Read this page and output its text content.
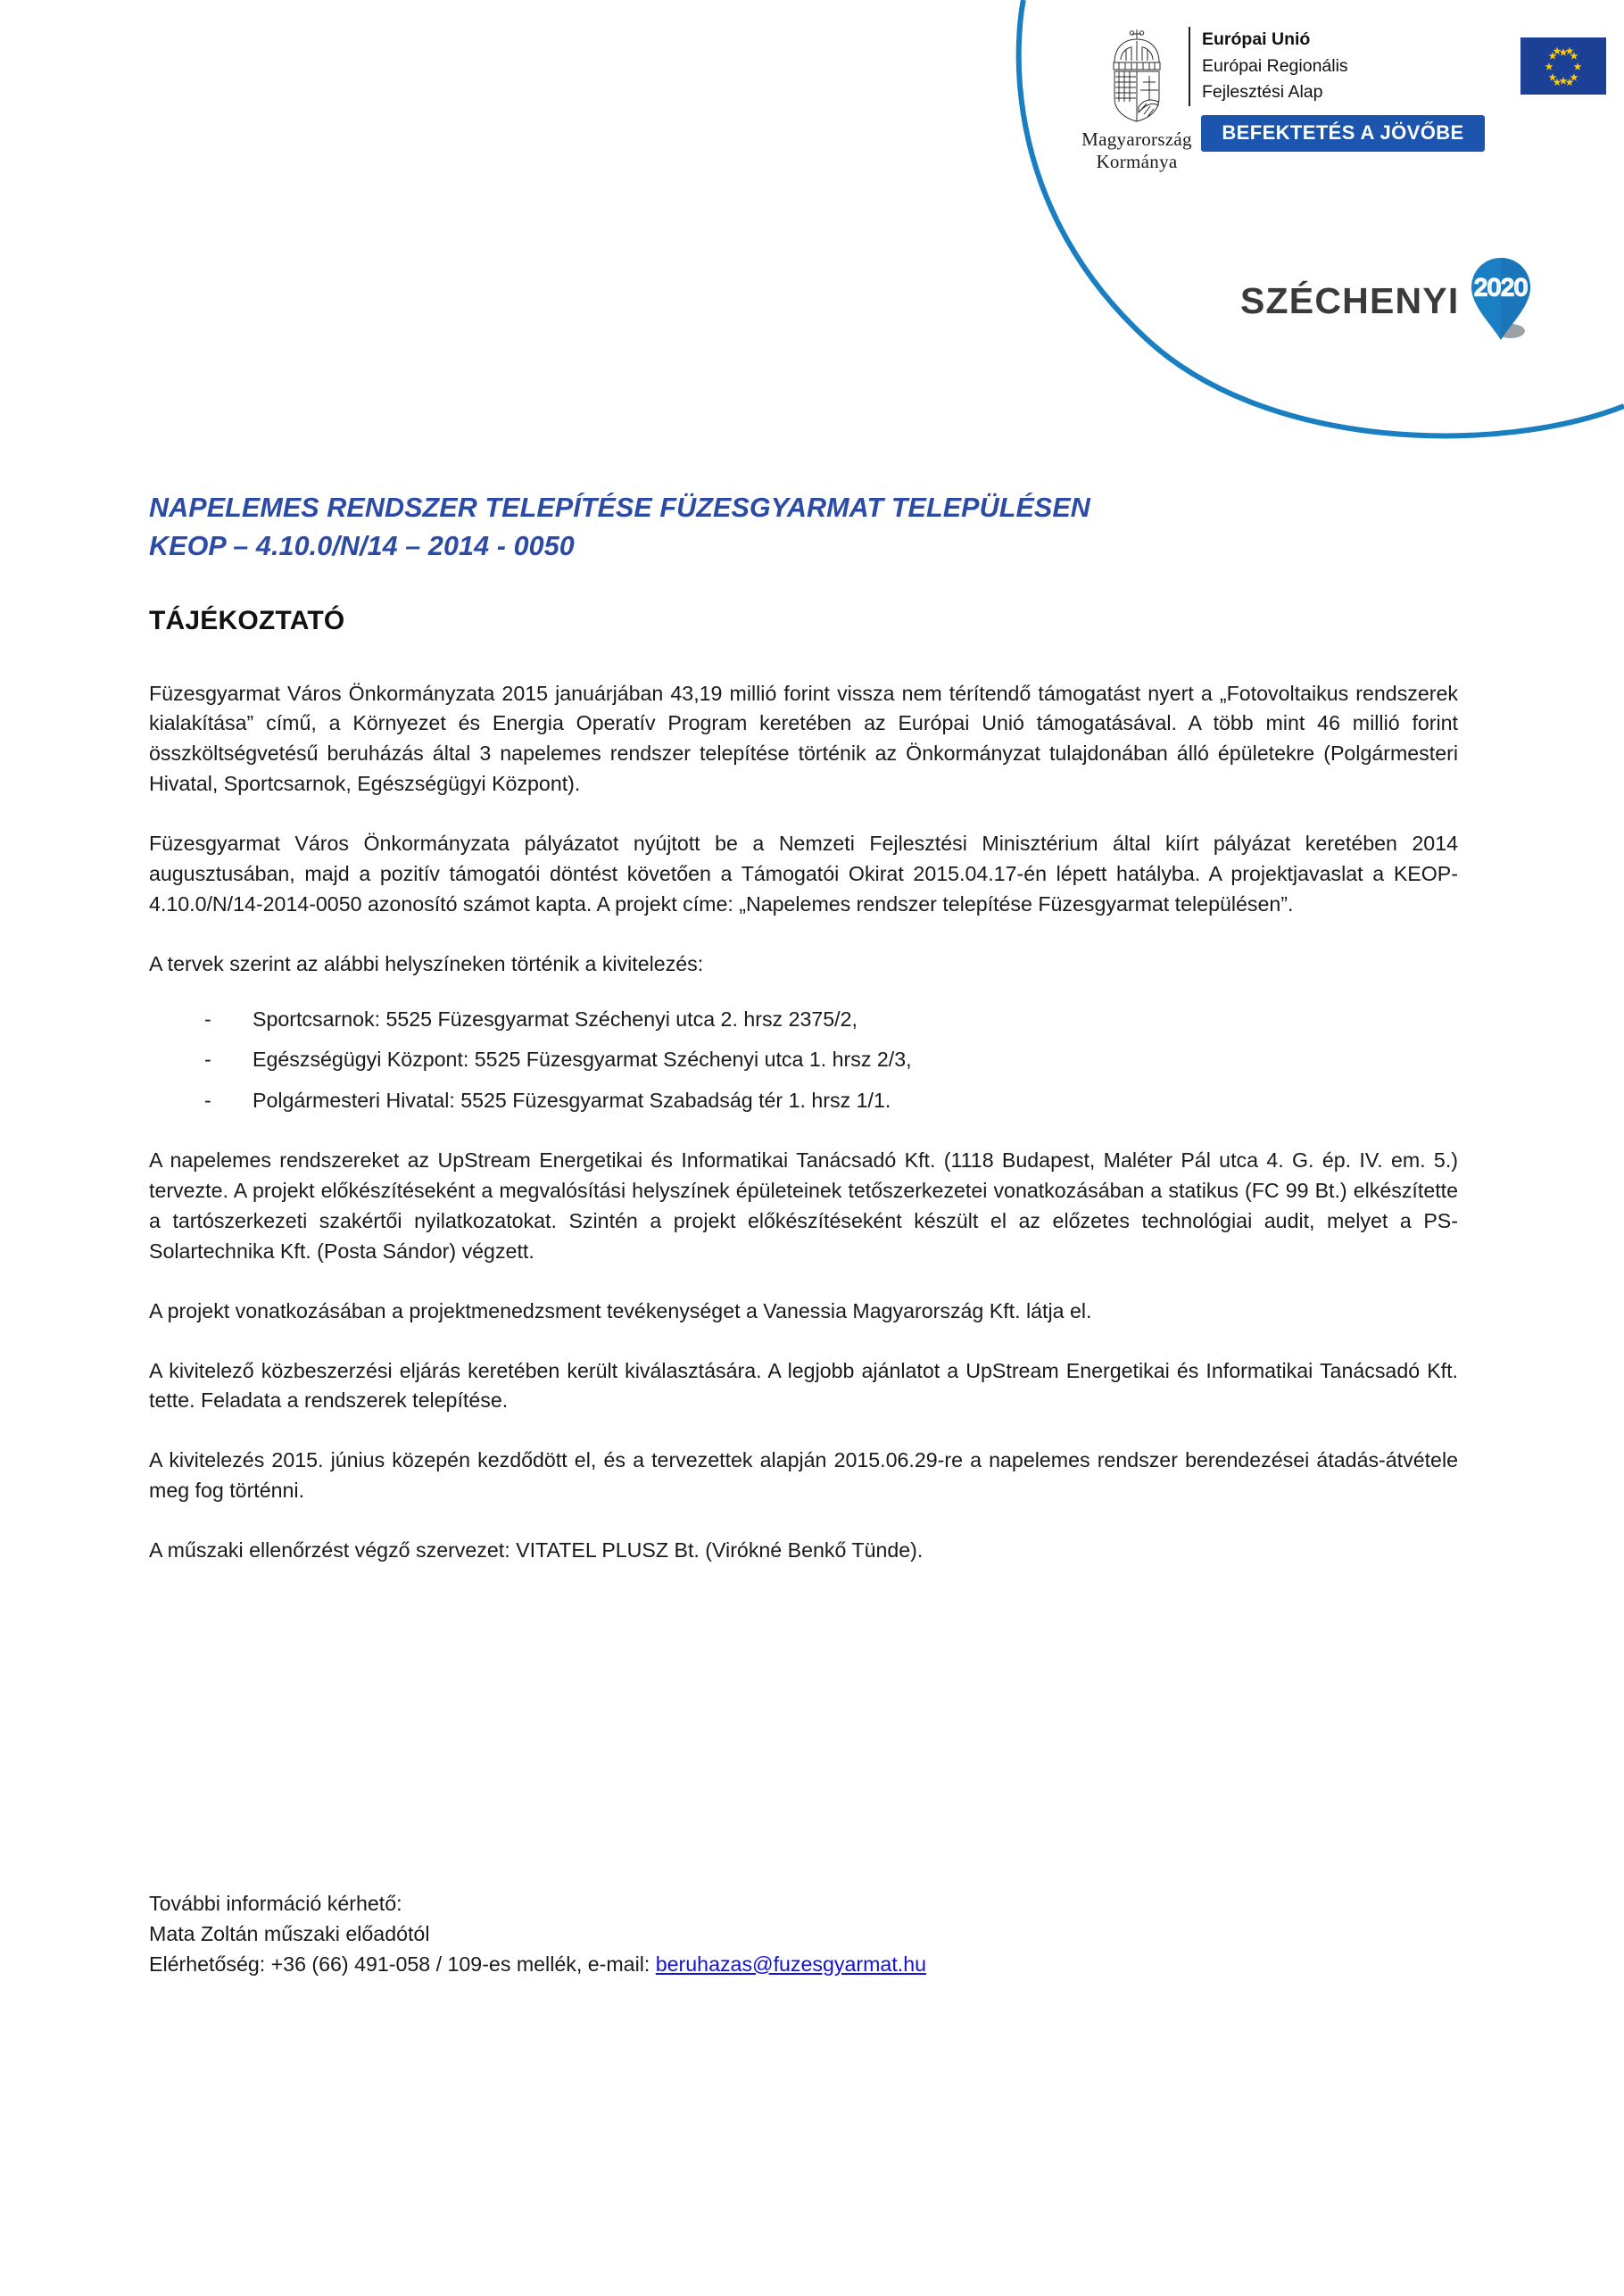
Magyarország
Kormánya
Európai Unió
Európai Regionális
Fejlesztési Alap
BEFEKTETÉS A JÖVŐBE
SZÉCHENYI 2020
NAPELEMES RENDSZER TELEPÍTÉSE FÜZESGYARMAT TELEPÜLÉSEN
KEOP – 4.10.0/N/14 – 2014 - 0050
TÁJÉKOZTATÓ

Füzesgyarmat Város Önkormányzata 2015 januárjában 43,19 millió forint vissza nem térítendő támogatást nyert a „Fotovoltaikus rendszerek kialakítása” című, a Környezet és Energia Operatív Program keretében az Európai Unió támogatásával. A több mint 46 millió forint összköltségvetésű beruházás által 3 napelemes rendszer telepítése történik az Önkormányzat tulajdonában álló épületekre (Polgármesteri Hivatal, Sportcsarnok, Egészségügyi Központ).

Füzesgyarmat Város Önkormányzata pályázatot nyújtott be a Nemzeti Fejlesztési Minisztérium által kiírt pályázat keretében 2014 augusztusában, majd a pozitív támogatói döntést követően a Támogatói Okirat 2015.04.17-én lépett hatályba. A projektjavaslat a KEOP-4.10.0/N/14-2014-0050 azonosító számot kapta. A projekt címe: „Napelemes rendszer telepítése Füzesgyarmat településen”.

A tervek szerint az alábbi helyszíneken történik a kivitelezés:

- Sportcsarnok: 5525 Füzesgyarmat Széchenyi utca 2. hrsz 2375/2,
- Egészségügyi Központ: 5525 Füzesgyarmat Széchenyi utca 1. hrsz 2/3,
- Polgármesteri Hivatal: 5525 Füzesgyarmat Szabadság tér 1. hrsz 1/1.

A napelemes rendszereket az UpStream Energetikai és Informatikai Tanácsadó Kft. (1118 Budapest, Maléter Pál utca 4. G. ép. IV. em. 5.) tervezte. A projekt előkészítéseként a megvalósítási helyszínek épületeinek tetőszerkezetei vonatkozásában a statikus (FC 99 Bt.) elkészítette a tartószerkezeti szakértői nyilatkozatokat. Szintén a projekt előkészítéseként készült el az előzetes technológiai audit, melyet a PS-Solartechnika Kft. (Posta Sándor) végzett.

A projekt vonatkozásában a projektmenedzsment tevékenységet a Vanessia Magyarország Kft. látja el.

A kivitelező közbeszerzési eljárás keretében került kiválasztására. A legjobb ajánlatot a UpStream Energetikai és Informatikai Tanácsadó Kft. tette. Feladata a rendszerek telepítése.

A kivitelezés 2015. június közepén kezdődött el, és a tervezettek alapján 2015.06.29-re a napelemes rendszer berendezései átadás-átvétele meg fog történni.

A műszaki ellenőrzést végző szervezet: VITATEL PLUSZ Bt. (Virókné Benkő Tünde).

További információ kérhető:
Mata Zoltán műszaki előadótól
Elérhetőség: +36 (66) 491-058 / 109-es mellék, e-mail: beruhazas@fuzesgyarmat.hu
